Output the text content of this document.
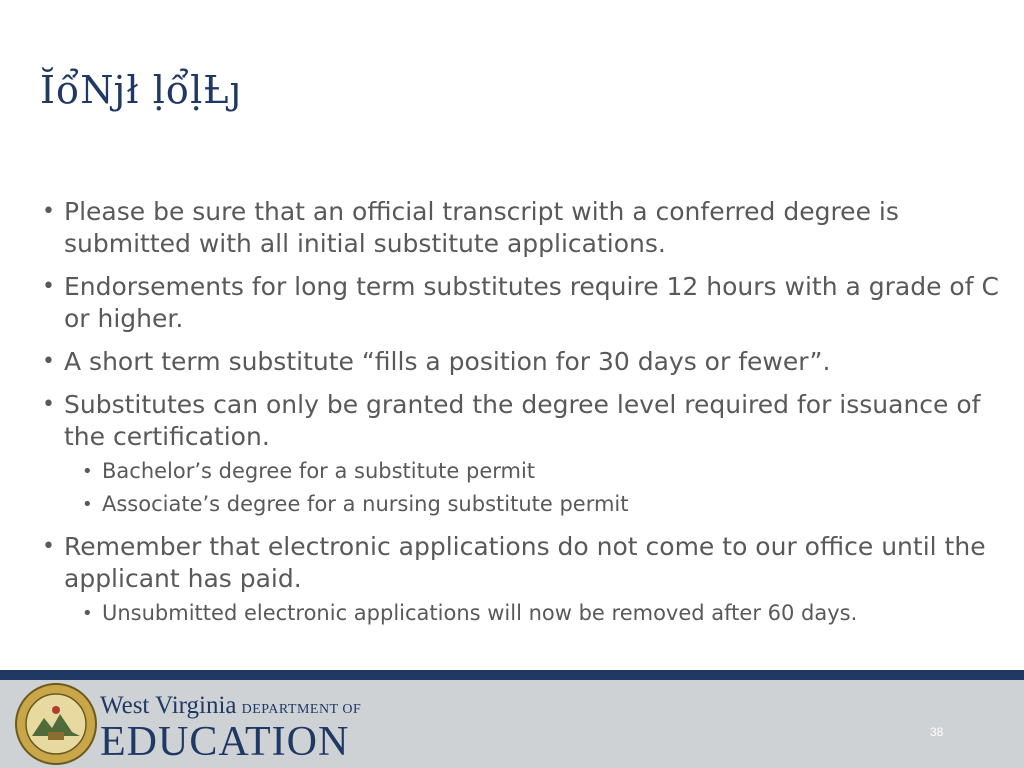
Ĭổǋł ḷổḷȽȷ
• Please be sure that an official transcript with a conferred degree is submitted with all initial substitute applications.
• Endorsements for long term substitutes require 12 hours with a grade of C or higher.
• A short term substitute “fills a position for 30 days or fewer”.
• Substitutes can only be granted the degree level required for issuance of the certification.
• Bachelor’s degree for a substitute permit
• Associate’s degree for a nursing substitute permit
• Remember that electronic applications do not come to our office until the applicant has paid.
• Unsubmitted electronic applications will now be removed after 60 days.
West Virginia DEPARTMENT OF
EDUCATION	38
